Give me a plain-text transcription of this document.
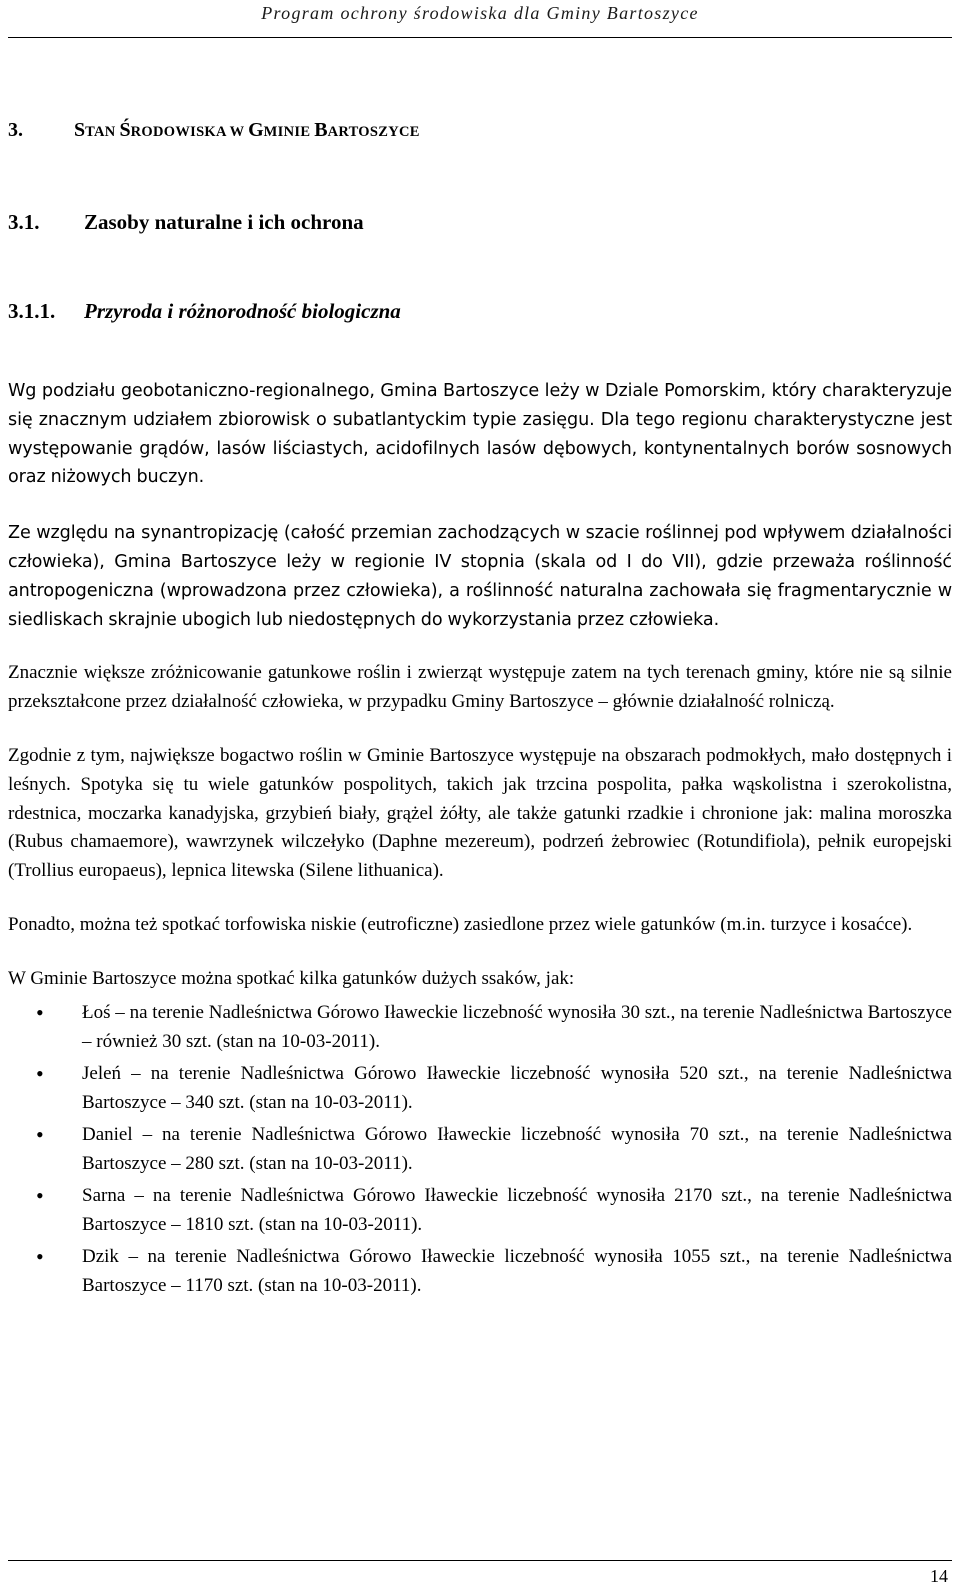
Program ochrony środowiska dla Gminy Bartoszyce
3.	STAN ŚRODOWISKA W GMINIE BARTOSZYCE
3.1. Zasoby naturalne i ich ochrona
3.1.1. Przyroda i różnorodność biologiczna

Wg podziału geobotaniczno-regionalnego, Gmina Bartoszyce leży w Dziale Pomorskim, który charakteryzuje się znacznym udziałem zbiorowisk o subatlantyckim typie zasięgu. Dla tego regionu charakterystyczne jest występowanie grądów, lasów liściastych, acidofilnych lasów dębowych, kontynentalnych borów sosnowych oraz niżowych buczyn.

Ze względu na synantropizację (całość przemian zachodzących w szacie roślinnej pod wpływem działalności człowieka), Gmina Bartoszyce leży w regionie IV stopnia (skala od I do VII), gdzie przeważa roślinność antropogeniczna (wprowadzona przez człowieka), a roślinność naturalna zachowała się fragmentarycznie w siedliskach skrajnie ubogich lub niedostępnych do wykorzystania przez człowieka.

Znacznie większe zróżnicowanie gatunkowe roślin i zwierząt występuje zatem na tych terenach gminy, które nie są silnie przekształcone przez działalność człowieka, w przypadku Gminy Bartoszyce – głównie działalność rolniczą.

Zgodnie z tym, największe bogactwo roślin w Gminie Bartoszyce występuje na obszarach podmokłych, mało dostępnych i leśnych. Spotyka się tu wiele gatunków pospolitych, takich jak trzcina pospolita, pałka wąskolistna i szerokolistna, rdestnica, moczarka kanadyjska, grzybień biały, grążel żółty, ale także gatunki rzadkie i chronione jak: malina moroszka (Rubus chamaemore), wawrzynek wilczełyko (Daphne mezereum), podrzeń żebrowiec (Rotundifiola), pełnik europejski (Trollius europaeus), lepnica litewska (Silene lithuanica).

Ponadto, można też spotkać torfowiska niskie (eutroficzne) zasiedlone przez wiele gatunków (m.in. turzyce i kosaćce).

W Gminie Bartoszyce można spotkać kilka gatunków dużych ssaków, jak:

• Łoś – na terenie Nadleśnictwa Górowo Iławeckie liczebność wynosiła 30 szt., na terenie Nadleśnictwa Bartoszyce – również 30 szt. (stan na 10-03-2011).
• Jeleń – na terenie Nadleśnictwa Górowo Iławeckie liczebność wynosiła 520 szt., na terenie Nadleśnictwa Bartoszyce – 340 szt. (stan na 10-03-2011).
• Daniel – na terenie Nadleśnictwa Górowo Iławeckie liczebność wynosiła 70 szt., na terenie Nadleśnictwa Bartoszyce – 280 szt. (stan na 10-03-2011).
• Sarna – na terenie Nadleśnictwa Górowo Iławeckie liczebność wynosiła 2170 szt., na terenie Nadleśnictwa Bartoszyce – 1810 szt. (stan na 10-03-2011).
• Dzik – na terenie Nadleśnictwa Górowo Iławeckie liczebność wynosiła 1055 szt., na terenie Nadleśnictwa Bartoszyce – 1170 szt. (stan na 10-03-2011).
14
